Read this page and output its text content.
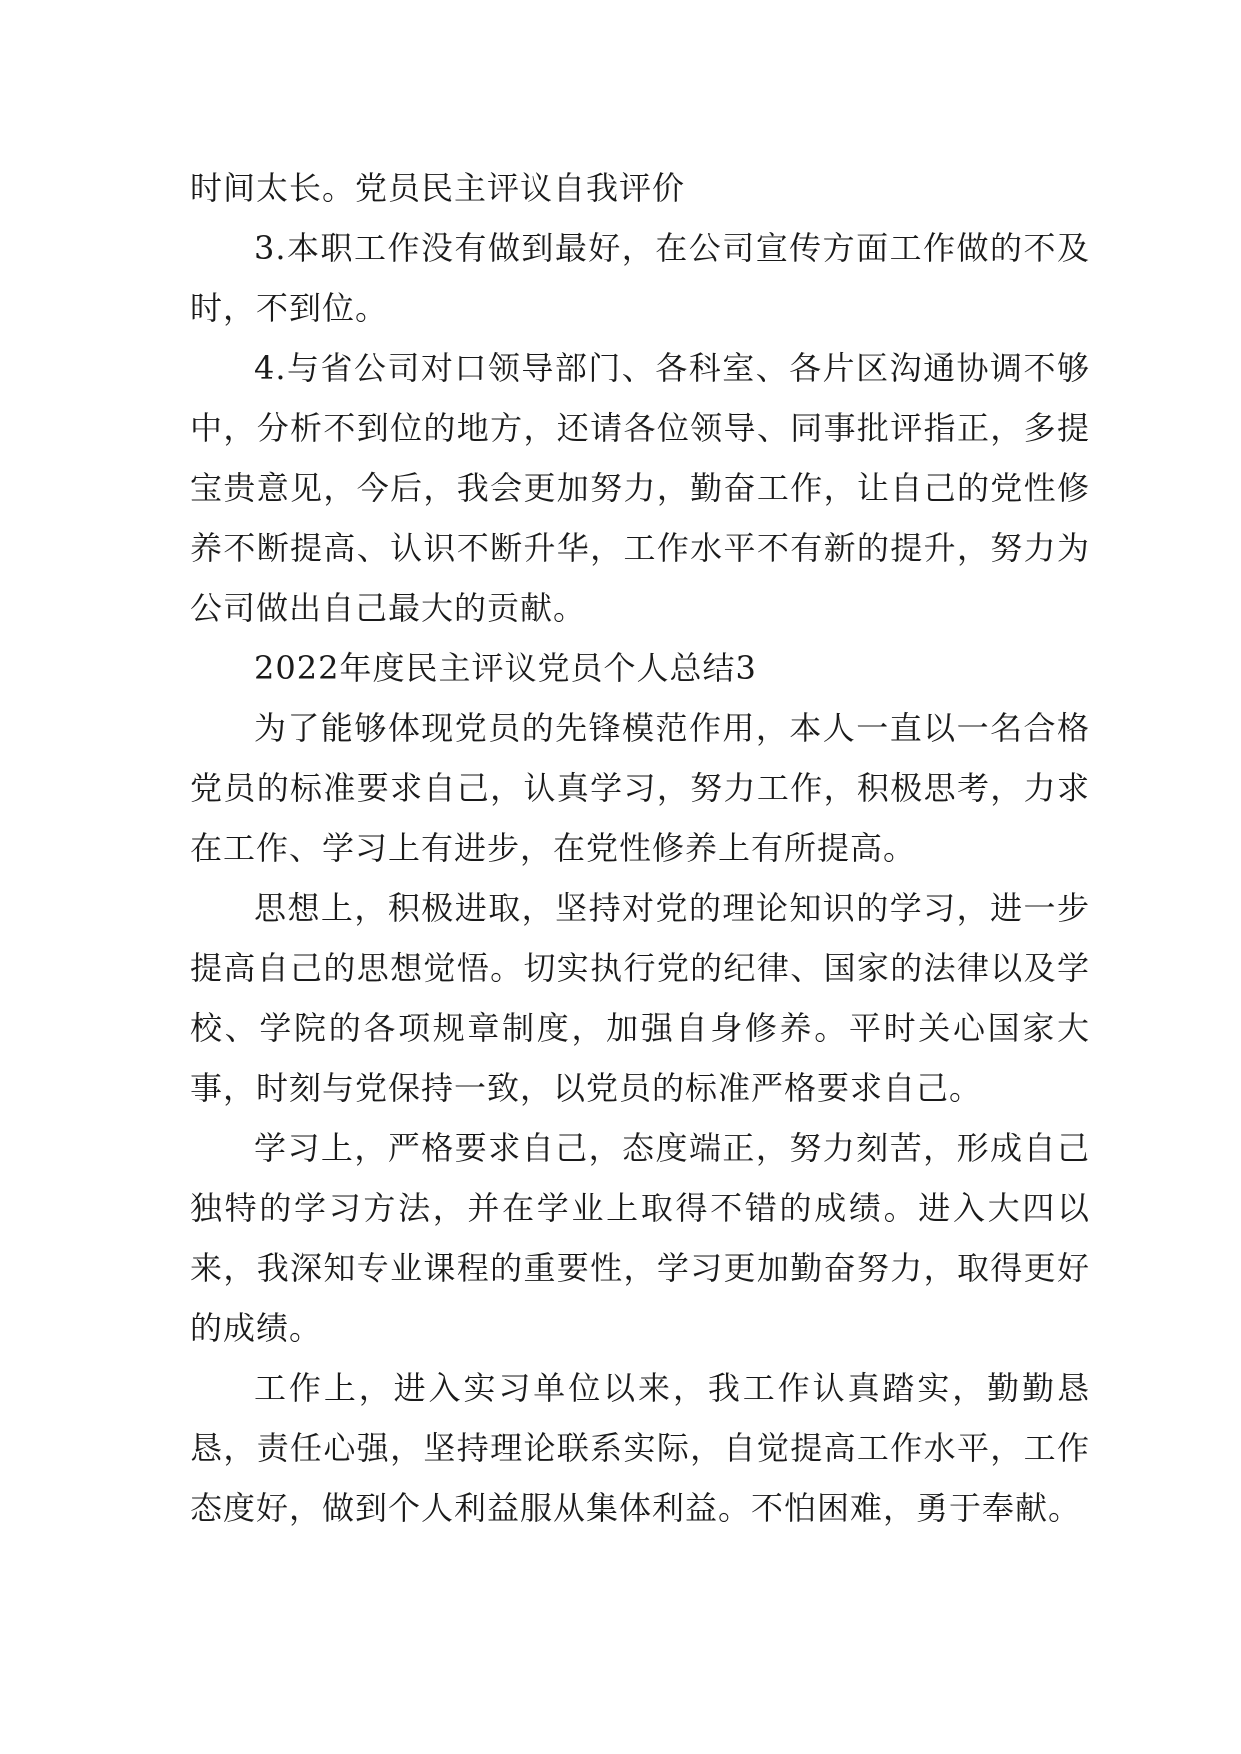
时间太长。党员民主评议自我评价

3.本职工作没有做到最好，在公司宣传方面工作做的不及时，不到位。

4.与省公司对口领导部门、各科室、各片区沟通协调不够中，分析不到位的地方，还请各位领导、同事批评指正，多提宝贵意见，今后，我会更加努力，勤奋工作，让自己的党性修养不断提高、认识不断升华，工作水平不有新的提升，努力为公司做出自己最大的贡献。

2022年度民主评议党员个人总结3

为了能够体现党员的先锋模范作用，本人一直以一名合格党员的标准要求自己，认真学习，努力工作，积极思考，力求在工作、学习上有进步，在党性修养上有所提高。

思想上，积极进取，坚持对党的理论知识的学习，进一步提高自己的思想觉悟。切实执行党的纪律、国家的法律以及学校、学院的各项规章制度，加强自身修养。平时关心国家大事，时刻与党保持一致，以党员的标准严格要求自己。

学习上，严格要求自己，态度端正，努力刻苦，形成自己独特的学习方法，并在学业上取得不错的成绩。进入大四以来，我深知专业课程的重要性，学习更加勤奋努力，取得更好的成绩。

工作上，进入实习单位以来，我工作认真踏实，勤勤恳恳，责任心强，坚持理论联系实际，自觉提高工作水平，工作态度好，做到个人利益服从集体利益。不怕困难，勇于奉献。
